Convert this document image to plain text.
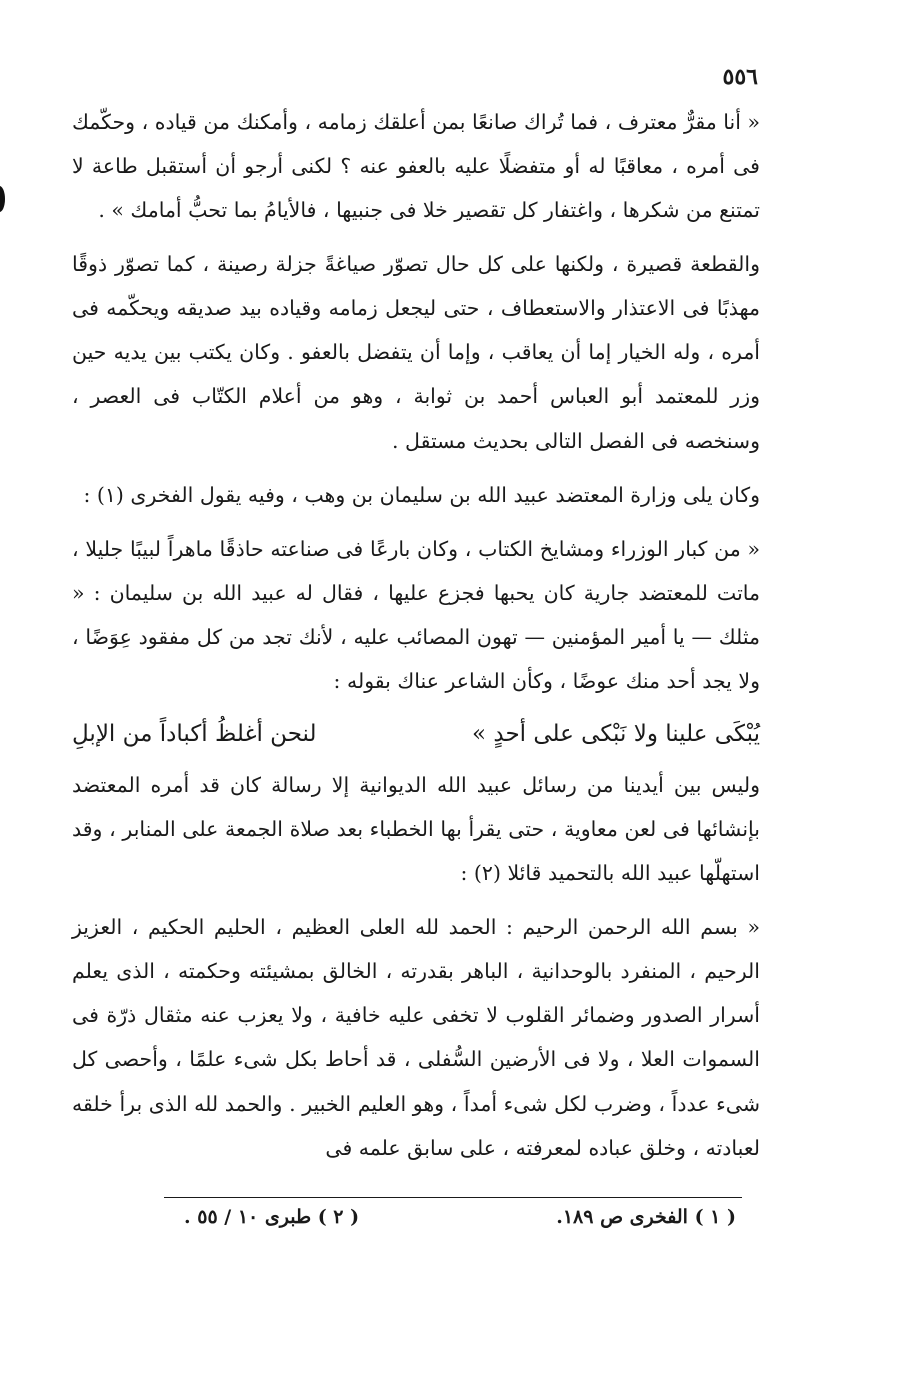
٥٥٦

« أنا مقرٌّ معترف ، فما تُراك صانعًا بمن أعلقك زمامه ، وأمكنك من قياده ، وحكّمك فى أمره ، معاقبًا له أو متفضلًا عليه بالعفو عنه ؟ لكنى أرجو أن أستقبل طاعة لا تمتنع من شكرها ، واغتفار كل تقصير خلا فى جنبيها ، فالأيامُ بما تحبُّ أمامك » .

والقطعة قصيرة ، ولكنها على كل حال تصوّر صياغةً جزلة رصينة ، كما تصوّر ذوقًا مهذبًا فى الاعتذار والاستعطاف ، حتى ليجعل زمامه وقياده بيد صديقه ويحكّمه فى أمره ، وله الخيار إما أن يعاقب ، وإما أن يتفضل بالعفو . وكان يكتب بين يديه حين وزر للمعتمد أبو العباس أحمد بن ثوابة ، وهو من أعلام الكتّاب فى العصر ، وسنخصه فى الفصل التالى بحديث مستقل .

وكان يلى وزارة المعتضد عبيد الله بن سليمان بن وهب ، وفيه يقول الفخرى (١) :

« من كبار الوزراء ومشايخ الكتاب ، وكان بارعًا فى صناعته حاذقًا ماهراً لبيبًا جليلا ، ماتت للمعتضد جارية كان يحبها فجزع عليها ، فقال له عبيد الله بن سليمان : « مثلك — يا أمير المؤمنين — تهون المصائب عليه ، لأنك تجد من كل مفقود عِوَضًا ، ولا يجد أحد منك عوضًا ، وكأن الشاعر عناك بقوله :

يُبْكَى علينا ولا نَبْكى على أحدٍ »
لنحن أغلظُ أكباداً من الإبلِ

وليس بين أيدينا من رسائل عبيد الله الديوانية إلا رسالة كان قد أمره المعتضد بإنشائها فى لعن معاوية ، حتى يقرأ بها الخطباء بعد صلاة الجمعة على المنابر ، وقد استهلّها عبيد الله بالتحميد قائلا (٢) :

« بسم الله الرحمن الرحيم : الحمد لله العلى العظيم ، الحليم الحكيم ، العزيز الرحيم ، المنفرد بالوحدانية ، الباهر بقدرته ، الخالق بمشيئته وحكمته ، الذى يعلم أسرار الصدور وضمائر القلوب لا تخفى عليه خافية ، ولا يعزب عنه مثقال ذرّة فى السموات العلا ، ولا فى الأرضين السُّفلى ، قد أحاط بكل شىء علمًا ، وأحصى كل شىء عدداً ، وضرب لكل شىء أمداً ، وهو العليم الخبير . والحمد لله الذى برأ خلقه لعبادته ، وخلق عباده لمعرفته ، على سابق علمه فى

( ١ ) الفخرى ص ١٨٩.
( ٢ ) طبرى ١٠ / ٥٥ .
